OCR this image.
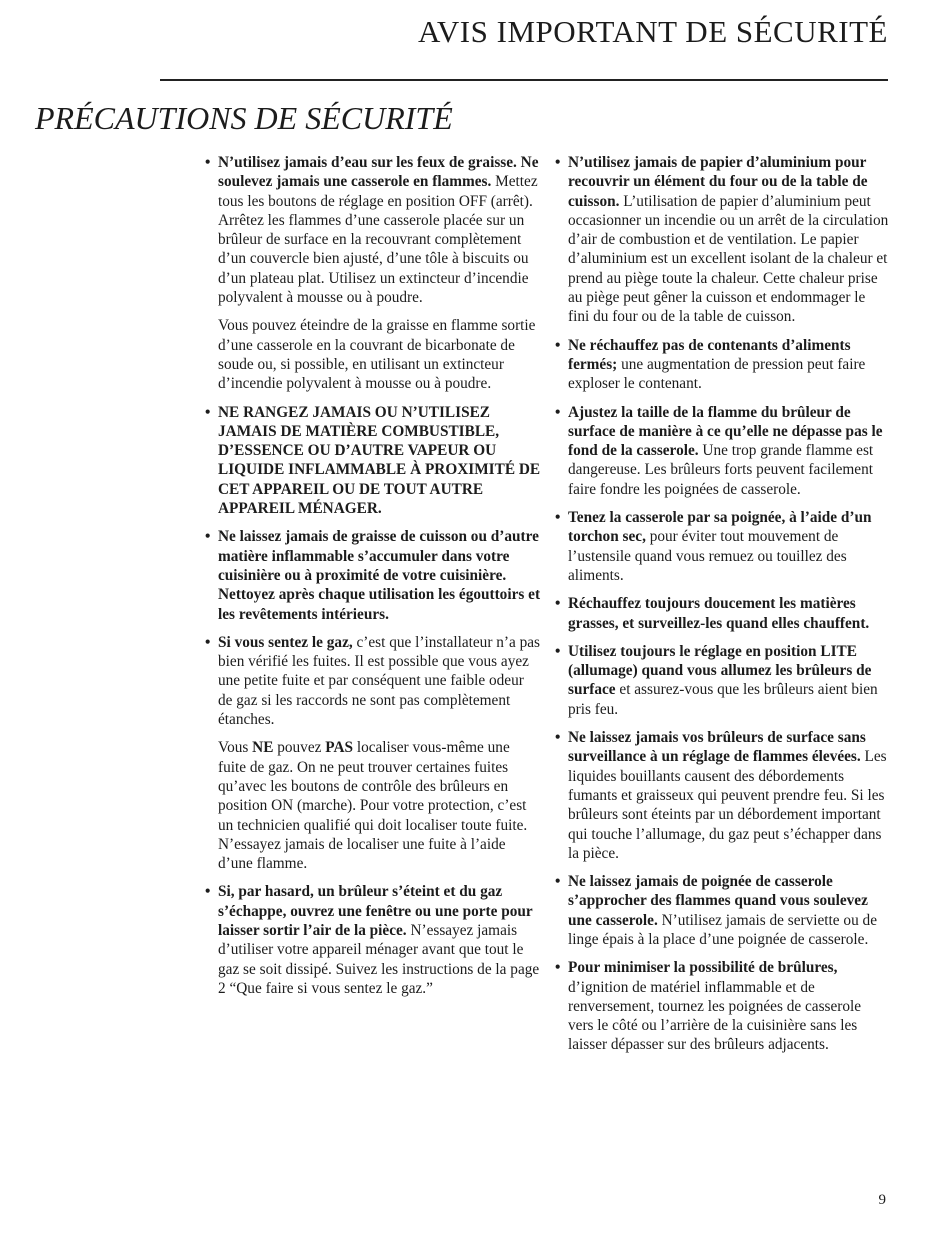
AVIS IMPORTANT DE SÉCURITÉ
PRÉCAUTIONS DE SÉCURITÉ
• N’utilisez jamais d’eau sur les feux de graisse. Ne soulevez jamais une casserole en flammes. Mettez tous les boutons de réglage en position OFF (arrêt). Arrêtez les flammes d’une casserole placée sur un brûleur de surface en la recouvrant complètement d’un couvercle bien ajusté, d’une tôle à biscuits ou d’un plateau plat. Utilisez un extincteur d’incendie polyvalent à mousse ou à poudre.

Vous pouvez éteindre de la graisse en flamme sortie d’une casserole en la couvrant de bicarbonate de soude ou, si possible, en utilisant un extincteur d’incendie polyvalent à mousse ou à poudre.

• NE RANGEZ JAMAIS OU N’UTILISEZ JAMAIS DE MATIÈRE COMBUSTIBLE, D’ESSENCE OU D’AUTRE VAPEUR OU LIQUIDE INFLAMMABLE À PROXIMITÉ DE CET APPAREIL OU DE TOUT AUTRE APPAREIL MÉNAGER.

• Ne laissez jamais de graisse de cuisson ou d’autre matière inflammable s’accumuler dans votre cuisinière ou à proximité de votre cuisinière. Nettoyez après chaque utilisation les égouttoirs et les revêtements intérieurs.

• Si vous sentez le gaz, c’est que l’installateur n’a pas bien vérifié les fuites. Il est possible que vous ayez une petite fuite et par conséquent une faible odeur de gaz si les raccords ne sont pas complètement étanches.

Vous NE pouvez PAS localiser vous-même une fuite de gaz. On ne peut trouver certaines fuites qu’avec les boutons de contrôle des brûleurs en position ON (marche). Pour votre protection, c’est un technicien qualifié qui doit localiser toute fuite. N’essayez jamais de localiser une fuite à l’aide d’une flamme.

• Si, par hasard, un brûleur s’éteint et du gaz s’échappe, ouvrez une fenêtre ou une porte pour laisser sortir l’air de la pièce. N’essayez jamais d’utiliser votre appareil ménager avant que tout le gaz se soit dissipé. Suivez les instructions de la page 2 “Que faire si vous sentez le gaz.”

• N’utilisez jamais de papier d’aluminium pour recouvrir un élément du four ou de la table de cuisson. L’utilisation de papier d’aluminium peut occasionner un incendie ou un arrêt de la circulation d’air de combustion et de ventilation. Le papier d’aluminium est un excellent isolant de la chaleur et prend au piège toute la chaleur. Cette chaleur prise au piège peut gêner la cuisson et endommager le fini du four ou de la table de cuisson.

• Ne réchauffez pas de contenants d’aliments fermés; une augmentation de pression peut faire exploser le contenant.

• Ajustez la taille de la flamme du brûleur de surface de manière à ce qu’elle ne dépasse pas le fond de la casserole. Une trop grande flamme est dangereuse. Les brûleurs forts peuvent facilement faire fondre les poignées de casserole.

• Tenez la casserole par sa poignée, à l’aide d’un torchon sec, pour éviter tout mouvement de l’ustensile quand vous remuez ou touillez des aliments.

• Réchauffez toujours doucement les matières grasses, et surveillez-les quand elles chauffent.

• Utilisez toujours le réglage en position LITE (allumage) quand vous allumez les brûleurs de surface et assurez-vous que les brûleurs aient bien pris feu.

• Ne laissez jamais vos brûleurs de surface sans surveillance à un réglage de flammes élevées. Les liquides bouillants causent des débordements fumants et graisseux qui peuvent prendre feu. Si les brûleurs sont éteints par un débordement important qui touche l’allumage, du gaz peut s’échapper dans la pièce.

• Ne laissez jamais de poignée de casserole s’approcher des flammes quand vous soulevez une casserole. N’utilisez jamais de serviette ou de linge épais à la place d’une poignée de casserole.

• Pour minimiser la possibilité de brûlures, d’ignition de matériel inflammable et de renversement, tournez les poignées de casserole vers le côté ou l’arrière de la cuisinière sans les laisser dépasser sur des brûleurs adjacents.

9
